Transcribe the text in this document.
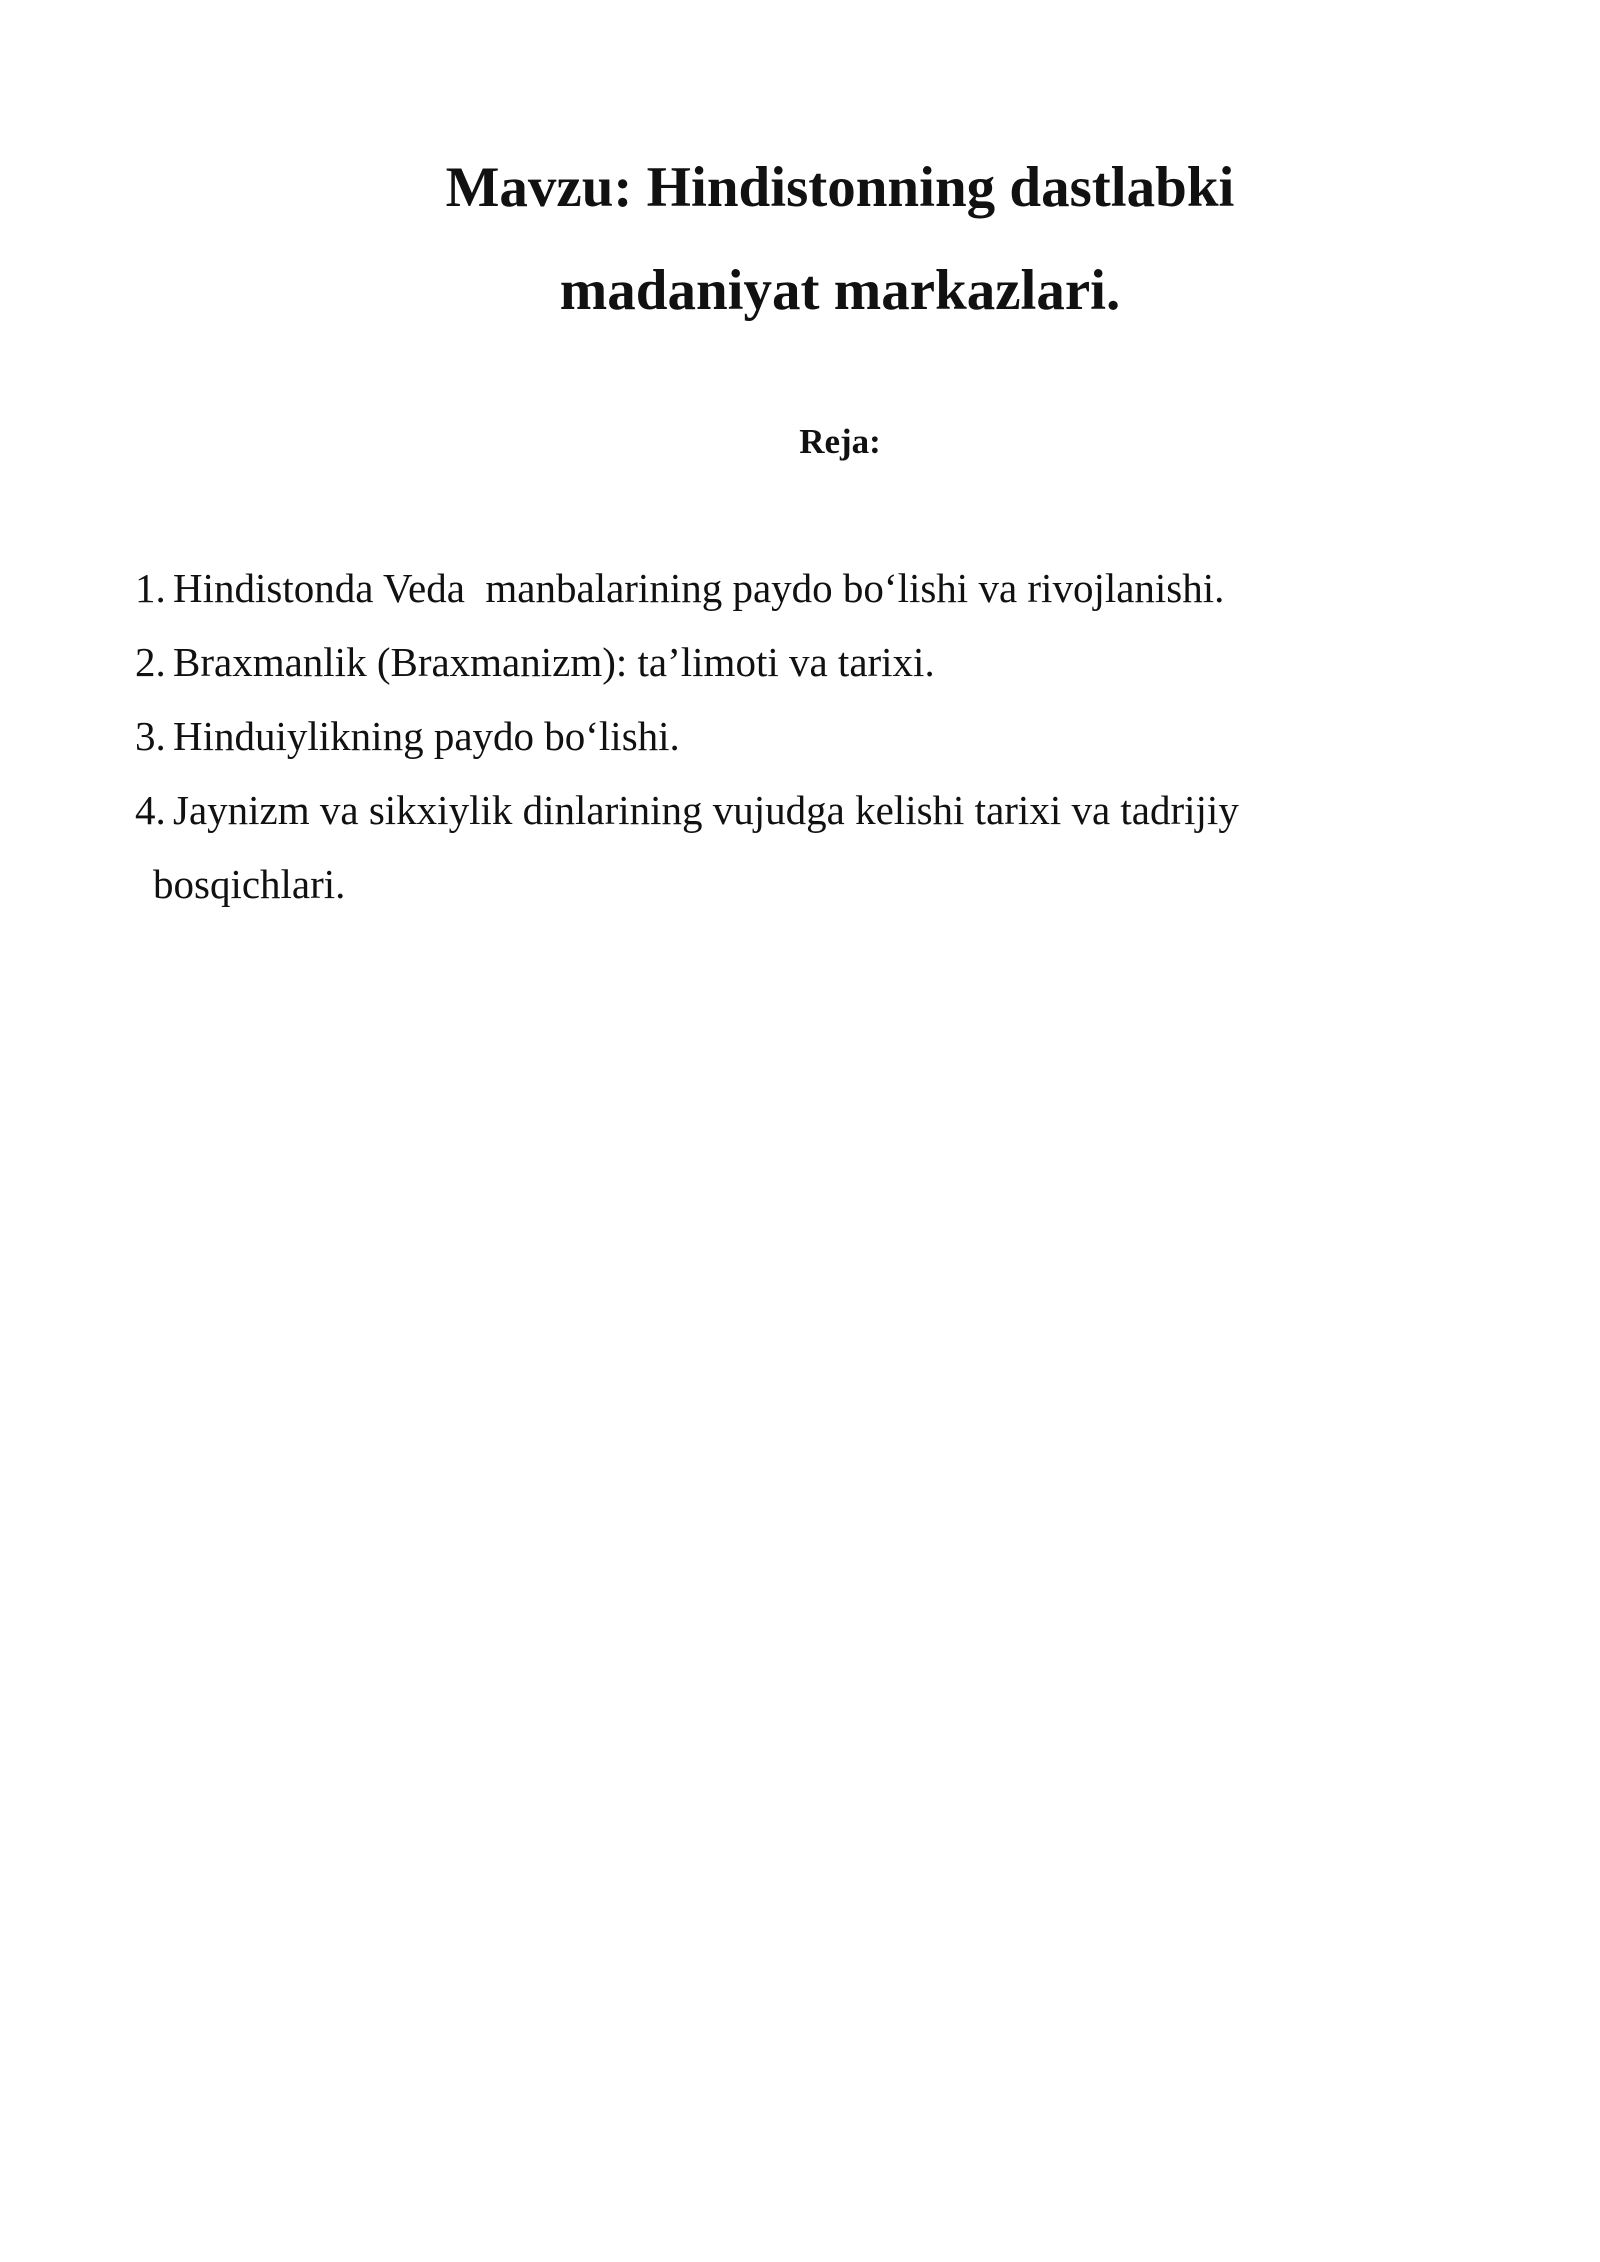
Mavzu: Hindistonning dastlabki
madaniyat markazlari.
Reja:
1. Hindistonda Veda  manbalarining paydo bo‘lishi va rivojlanishi.
2. Braxmanlik (Braxmanizm): ta’limoti va tarixi.
3. Hinduiylikning paydo bo‘lishi.
4. Jaynizm va sikxiylik dinlarining vujudga kelishi tarixi va tadrijiy
bosqichlari.
